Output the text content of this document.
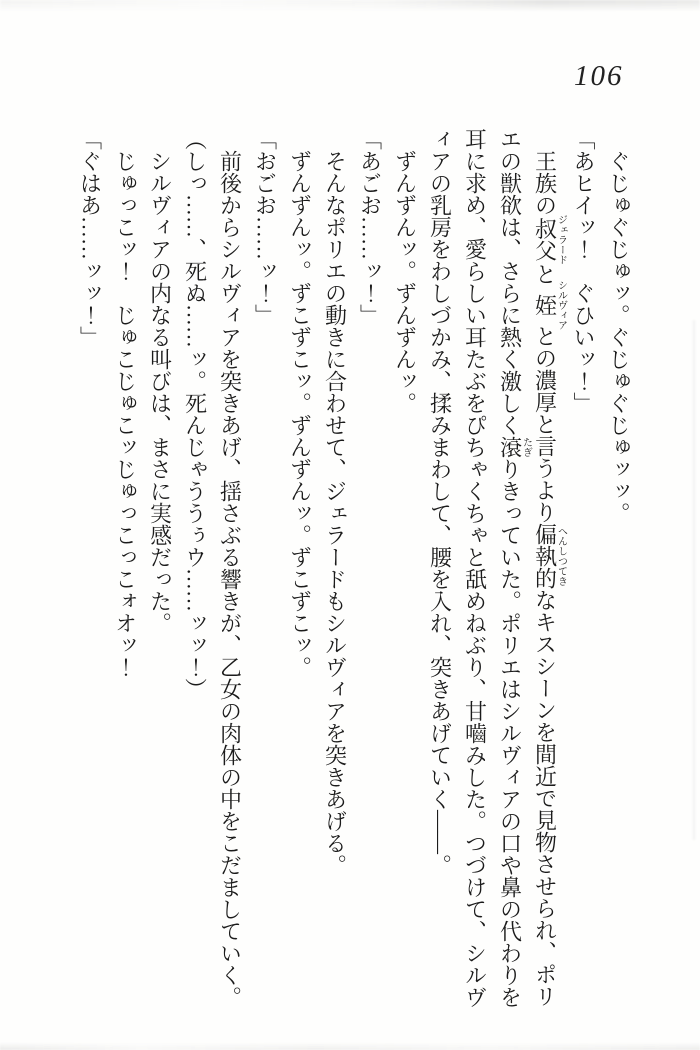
106

ぐじゅぐじゅッ。ぐじゅぐじゅッッ。

「あヒイッ！　ぐひいッ！」

王族の叔父ジェラードと姪シルヴィアとの濃厚と言うより偏執的へんしつてきなキスシーンを間近で見物させられ、ポリエの獣欲は、さらに熱く激しく滾たぎりきっていた。ポリエはシルヴィアの口や鼻の代わりを耳に求め、愛らしい耳たぶをぴちゃくちゃと舐めねぶり、甘嚙みした。つづけて、シルヴィアの乳房をわしづかみ、揉みまわして、腰を入れ、突きあげていく——。

ずんずんッ。ずんずんッ。

「あごお……ッ！」

そんなポリエの動きに合わせて、ジェラードもシルヴィアを突きあげる。

ずんずんッ。ずこずこッ。ずんずんッ。ずこずこッ。

「おごお……ッ！」

前後からシルヴィアを突きあげ、揺さぶる響きが、乙女の肉体の中をこだましていく。

（しっ……、死ぬ……ッ。死んじゃううぅウ……ッッ！）

シルヴィアの内なる叫びは、まさに実感だった。

じゅっこッ！　じゅこじゅこッじゅっこっこォオッ！

「ぐはあ……ッッ！」
